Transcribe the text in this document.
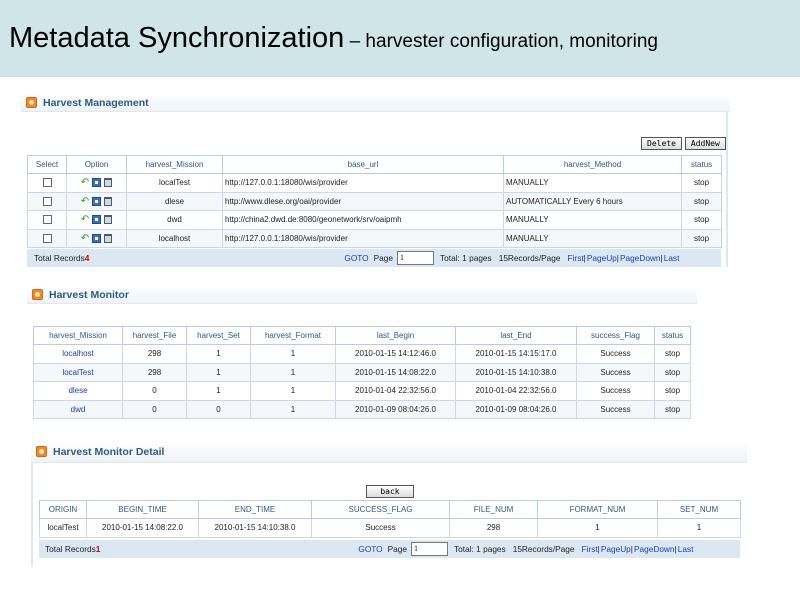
Metadata Synchronization – harvester configuration, monitoring
Harvest Management
Delete	AddNew
Select	Option	harvest_Mission	base_url	harvest_Method	status

	↶	localTest	http://127.0.0.1:18080/wis/provider	MANUALLY	stop

	↶	dlese	http://www.dlese.org/oai/provider	AUTOMATICALLY Every 6 hours	stop

	↶	dwd	http://china2.dwd.de:8080/geonetwork/srv/oaipmh	MANUALLY	stop

	↶	localhost	http://127.0.0.1:18080/wis/provider	MANUALLY	stop
Total Records 4	GOTO Page 1	Total: 1 pages 15Records/Page First | PageUp | PageDown | Last
Harvest Monitor
harvest_Mission	harvest_File	harvest_Set	harvest_Format	last_Begin	last_End	success_Flag	status
localhost	298	1	1	2010-01-15 14:12:46.0	2010-01-15 14:15:17.0	Success	stop
localTest	298	1	1	2010-01-15 14:08:22.0	2010-01-15 14:10:38.0	Success	stop
dlese	0	1	1	2010-01-04 22:32:56.0	2010-01-04 22:32:56.0	Success	stop
dwd	0	0	1	2010-01-09 08:04:26.0	2010-01-09 08:04:26.0	Success	stop
Harvest Monitor Detail
back
ORIGIN	BEGIN_TIME	END_TIME	SUCCESS_FLAG	FILE_NUM	FORMAT_NUM	SET_NUM
localTest	2010-01-15 14:08:22.0	2010-01-15 14:10:38.0	Success	298	1	1
Total Records 1	GOTO Page 1	Total: 1 pages 15Records/Page First | PageUp | PageDown | Last
